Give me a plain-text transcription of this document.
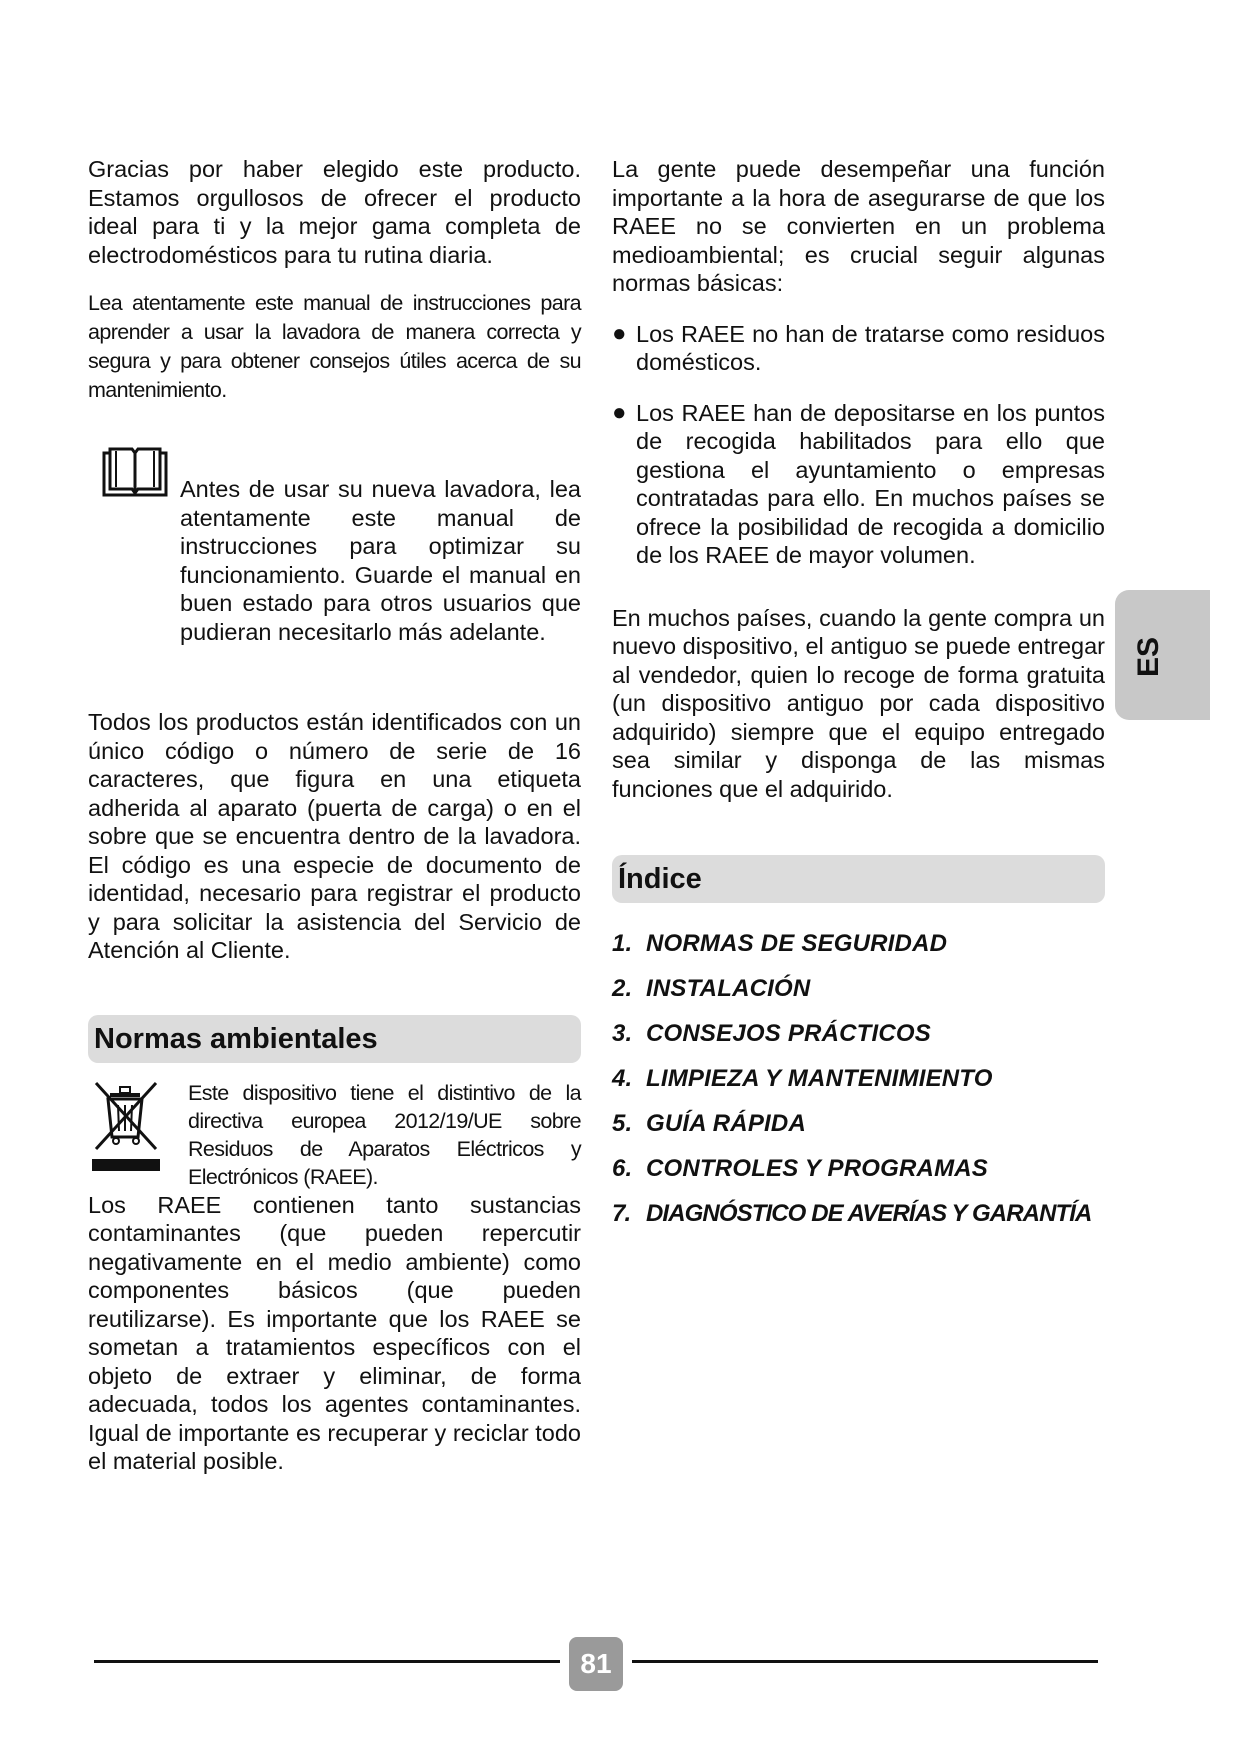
Gracias por haber elegido este producto. Estamos orgullosos de ofrecer el producto ideal para ti y la mejor gama completa de electrodomésticos para tu rutina diaria.

Lea atentamente este manual de instrucciones para aprender a usar la lavadora de manera correcta y segura y para obtener consejos útiles acerca de su mantenimiento.

Antes de usar su nueva lavadora, lea atentamente este manual de instrucciones para optimizar su funcionamiento. Guarde el manual en buen estado para otros usuarios que pudieran necesitarlo más adelante.

Todos los productos están identificados con un único código o número de serie de 16 caracteres, que figura en una etiqueta adherida al aparato (puerta de carga) o en el sobre que se encuentra dentro de la lavadora. El código es una especie de documento de identidad, necesario para registrar el producto y para solicitar la asistencia del Servicio de Atención al Cliente.

Normas ambientales
Este dispositivo tiene el distintivo de la directiva europea 2012/19/UE sobre Residuos de Aparatos Eléctricos y Electrónicos (RAEE).

Los RAEE contienen tanto sustancias contaminantes (que pueden repercutir negativamente en el medio ambiente) como componentes básicos (que pueden reutilizarse). Es importante que los RAEE se sometan a tratamientos específicos con el objeto de extraer y eliminar, de forma adecuada, todos los agentes contaminantes. Igual de importante es recuperar y reciclar todo el material posible.

La gente puede desempeñar una función importante a la hora de asegurarse de que los RAEE no se convierten en un problema medioambiental; es crucial seguir algunas normas básicas:

● Los RAEE no han de tratarse como residuos domésticos.

● Los RAEE han de depositarse en los puntos de recogida habilitados para ello que gestiona el ayuntamiento o empresas contratadas para ello. En muchos países se ofrece la posibilidad de recogida a domicilio de los RAEE de mayor volumen.

En muchos países, cuando la gente compra un nuevo dispositivo, el antiguo se puede entregar al vendedor, quien lo recoge de forma gratuita (un dispositivo antiguo por cada dispositivo adquirido) siempre que el equipo entregado sea similar y disponga de las mismas funciones que el adquirido.

Índice
1. NORMAS DE SEGURIDAD
2. INSTALACIÓN
3. CONSEJOS PRÁCTICOS
4. LIMPIEZA Y MANTENIMIENTO
5. GUÍA RÁPIDA
6. CONTROLES Y PROGRAMAS
7. DIAGNÓSTICO DE AVERÍAS Y GARANTÍA
ES
81
